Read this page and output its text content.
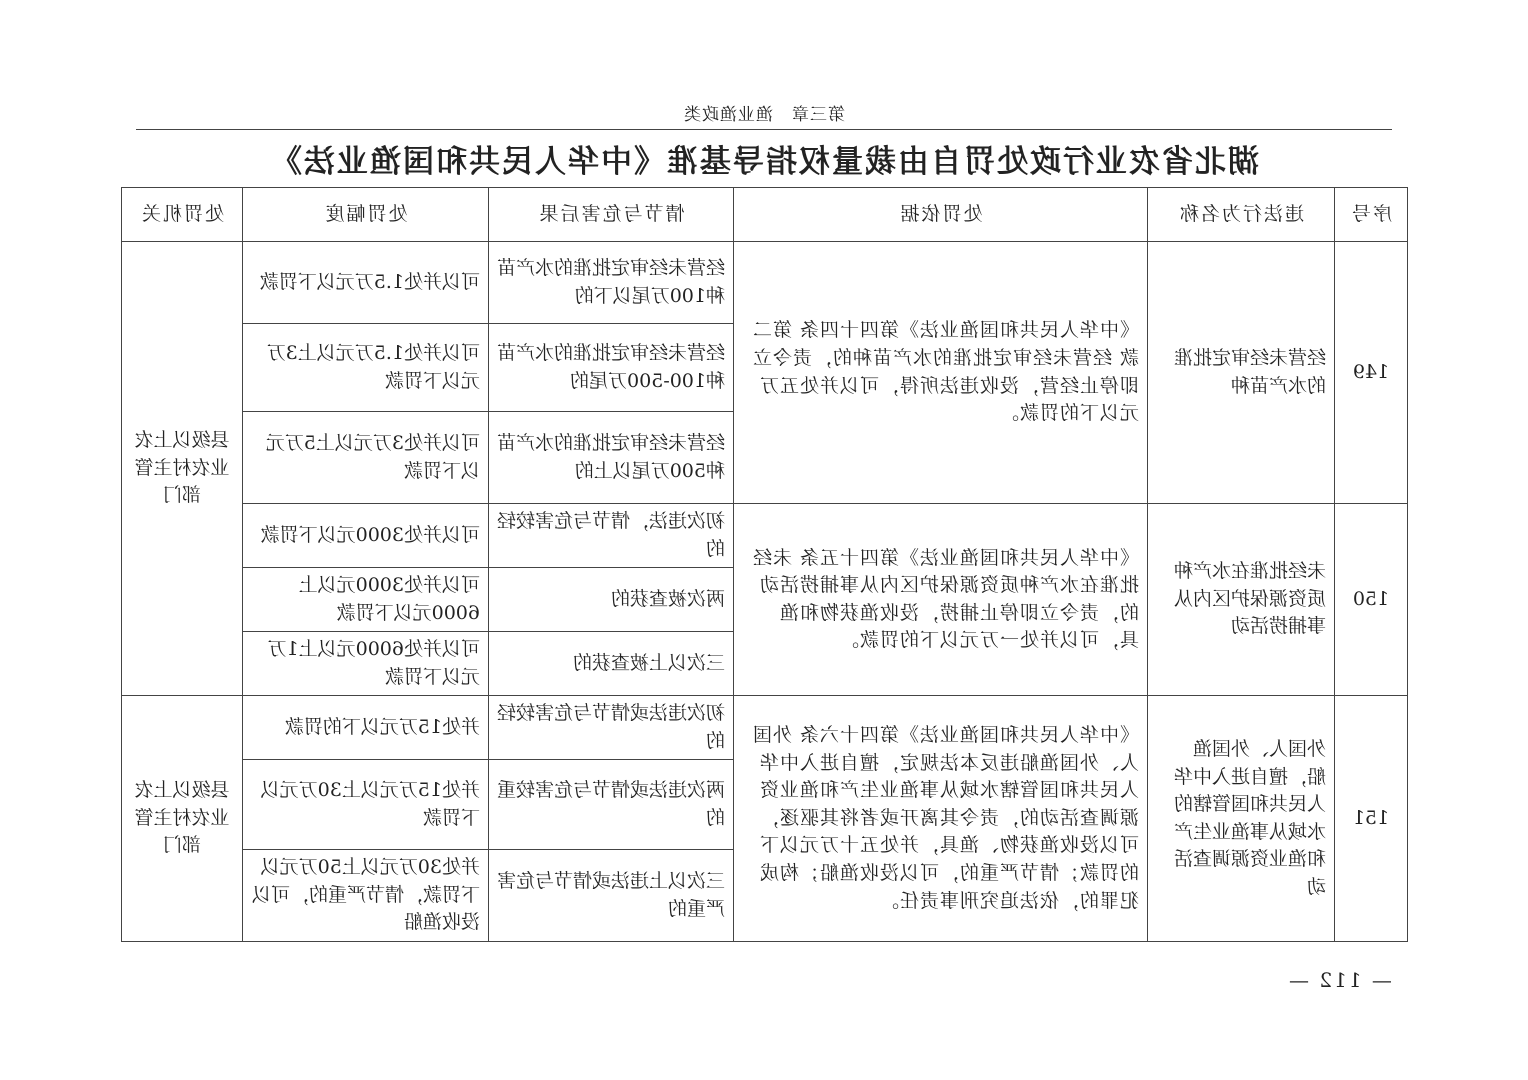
第三章　渔业渔政类
湖北省农业行政处罚自由裁量权指导基准《中华人民共和国渔业法》
序号	违法行为名称	处罚依据	情节与危害后果	处罚幅度	处罚机关
149	经营未经审定批准的水产苗种	《中华人民共和国渔业法》第四十四条 第二款 经营未经审定批准的水产苗种的，责令立即停止经营，没收违法所得，可以并处五万元以下的罚款。	经营未经审定批准的水产苗种100万尾以下的	可以并处1.5万元以下罚款	县级以上农业农村主管部门
			经营未经审定批准的水产苗种100-500万尾的	可以并处1.5万元以上3万元以下罚款	
			经营未经审定批准的水产苗种500万尾以上的	可以并处3万元以上5万元以下罚款	
150	未经批准在水产种质资源保护区内从事捕捞活动	《中华人民共和国渔业法》第四十五条 未经批准在水产种质资源保护区内从事捕捞活动的，责令立即停止捕捞，没收渔获物和渔具，可以并处一万元以下的罚款。	初次违法，情节与危害较轻的	可以并处3000元以下罚款	
			两次被查获的	可以并处3000元以上6000元以下罚款	
			三次以上被查获的	可以并处6000元以上1万元以下罚款	
151	外国人、外国渔船，擅自进入中华人民共和国管辖的水域从事渔业生产和渔业资源调查活动	《中华人民共和国渔业法》第四十六条 外国人、外国渔船违反本法规定，擅自进入中华人民共和国管辖水域从事渔业生产和渔业资源调查活动的，责令其离开或者将其驱逐，可以没收渔获物、渔具，并处五十万元以下的罚款；情节严重的，可以没收渔船；构成犯罪的，依法追究刑事责任。	初次违法或情节与危害较轻的	并处15万元以下的罚款	县级以上农业农村主管部门
			两次违法或情节与危害较重的	并处15万元以上30万元以下罚款	
			三次以上违法或情节与危害严重的	并处30万元以上50万元以下罚款，情节严重的，可以没收渔船	
— 112 —
